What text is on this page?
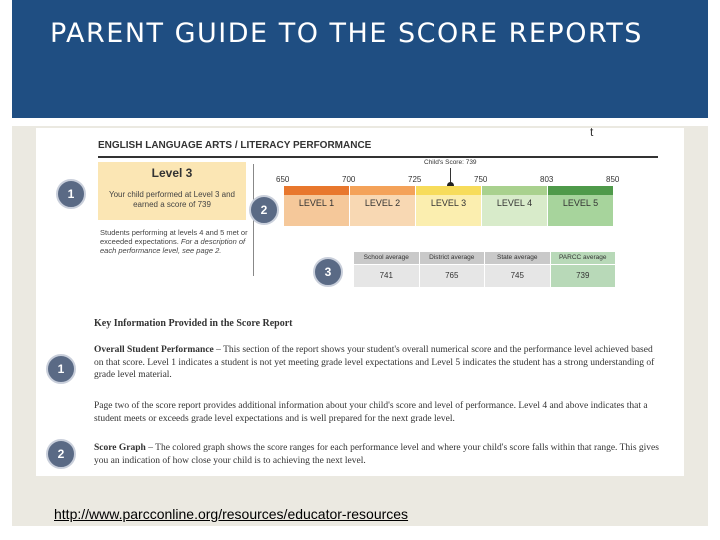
PARENT GUIDE TO THE SCORE REPORTS
t
ENGLISH LANGUAGE ARTS / LITERACY PERFORMANCE
Level 3
Your child performed at Level 3 and earned a score of 739
Students performing at levels 4 and 5 met or exceeded expectations. For a description of each performance level, see page 2.
Child's Score: 739
650	700	725	750	803	850
LEVEL 1	LEVEL 2	LEVEL 3	LEVEL 4	LEVEL 5
School average
741
District average
765
State average
745
PARCC average
739
1
2
3
Key Information Provided in the Score Report
Overall Student Performance – This section of the report shows your student's overall numerical score and the performance level achieved based on that score. Level 1 indicates a student is not yet meeting grade level expectations and Level 5 indicates the student has a strong understanding of grade level material.
Page two of the score report provides additional information about your child's score and level of performance. Level 4 and above indicates that a student meets or exceeds grade level expectations and is well prepared for the next grade level.
Score Graph – The colored graph shows the score ranges for each performance level and where your child's score falls within that range. This gives you an indication of how close your child is to achieving the next level.
1
2
http://www.parcconline.org/resources/educator-resources
